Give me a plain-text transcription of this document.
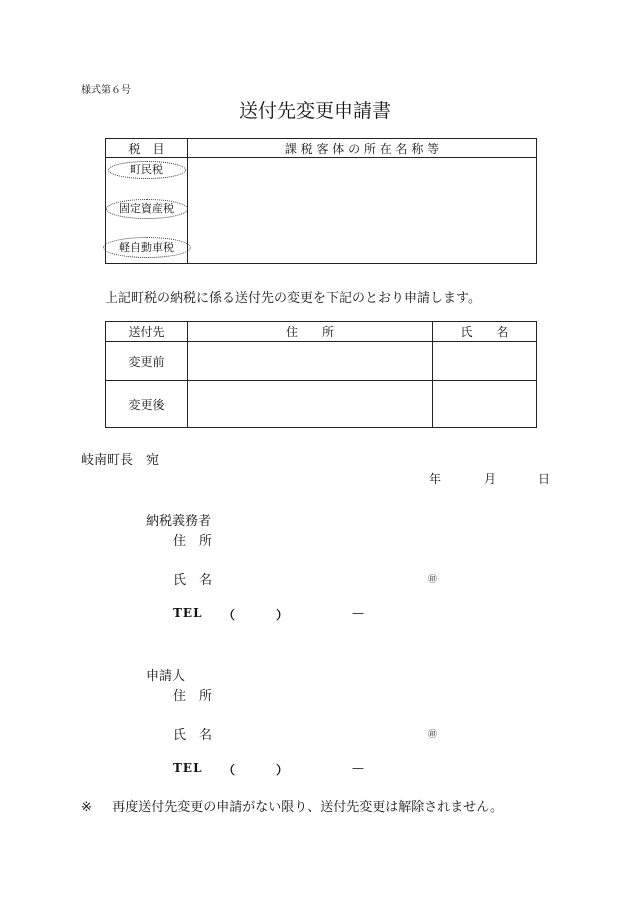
様式第６号
送付先変更申請書
税　目	課 税 客 体 の 所 在 名 称 等

町民税
固定資産税
軽自動車税	

上記町税の納税に係る送付先の変更を下記のとおり申請します。
送付先	住　　所	氏　　名
変更前		
変更後		
岐南町長　宛
年	月	日
納税義務者
住　所
氏　名	㊞
TEL （	）	—
申請人
住　所
氏　名	㊞
TEL （	）	—
※ 再度送付先変更の申請がない限り、送付先変更は解除されません。
